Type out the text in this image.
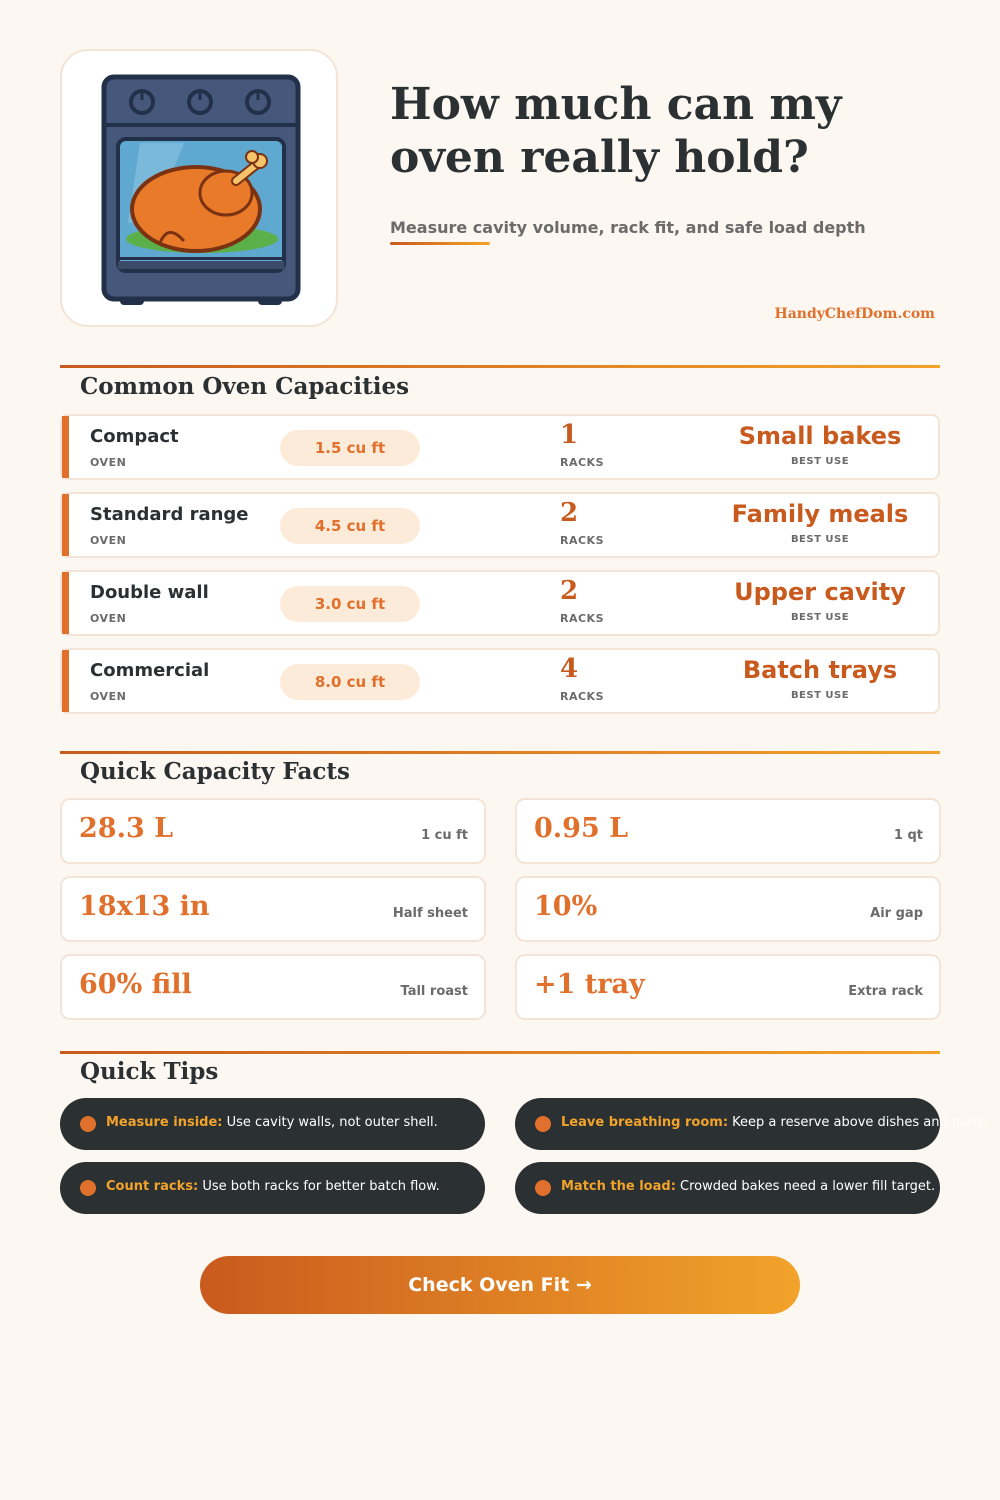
How much can my oven really hold?
Measure cavity volume, rack fit, and safe load depth
HandyChefDom.com
Common Oven Capacities
Compact
OVEN
1.5 cu ft	1
RACKS
Small bakes
BEST USE
Standard range
OVEN
4.5 cu ft	2
RACKS
Family meals
BEST USE
Double wall
OVEN
3.0 cu ft	2
RACKS
Upper cavity
BEST USE
Commercial
OVEN
8.0 cu ft	4
RACKS
Batch trays
BEST USE
Quick Capacity Facts
28.3 L	1 cu ft 0.95 L	1 qt
18x13 in	Half sheet 10%	Air gap
60% fill	Tall roast +1 tray	Extra rack
Quick Tips
Measure inside: Use cavity walls, not outer shell.	Leave breathing room: Keep a reserve above dishes and pans.
Count racks: Use both racks for better batch flow.	Match the load: Crowded bakes need a lower fill target.
Check Oven Fit →
